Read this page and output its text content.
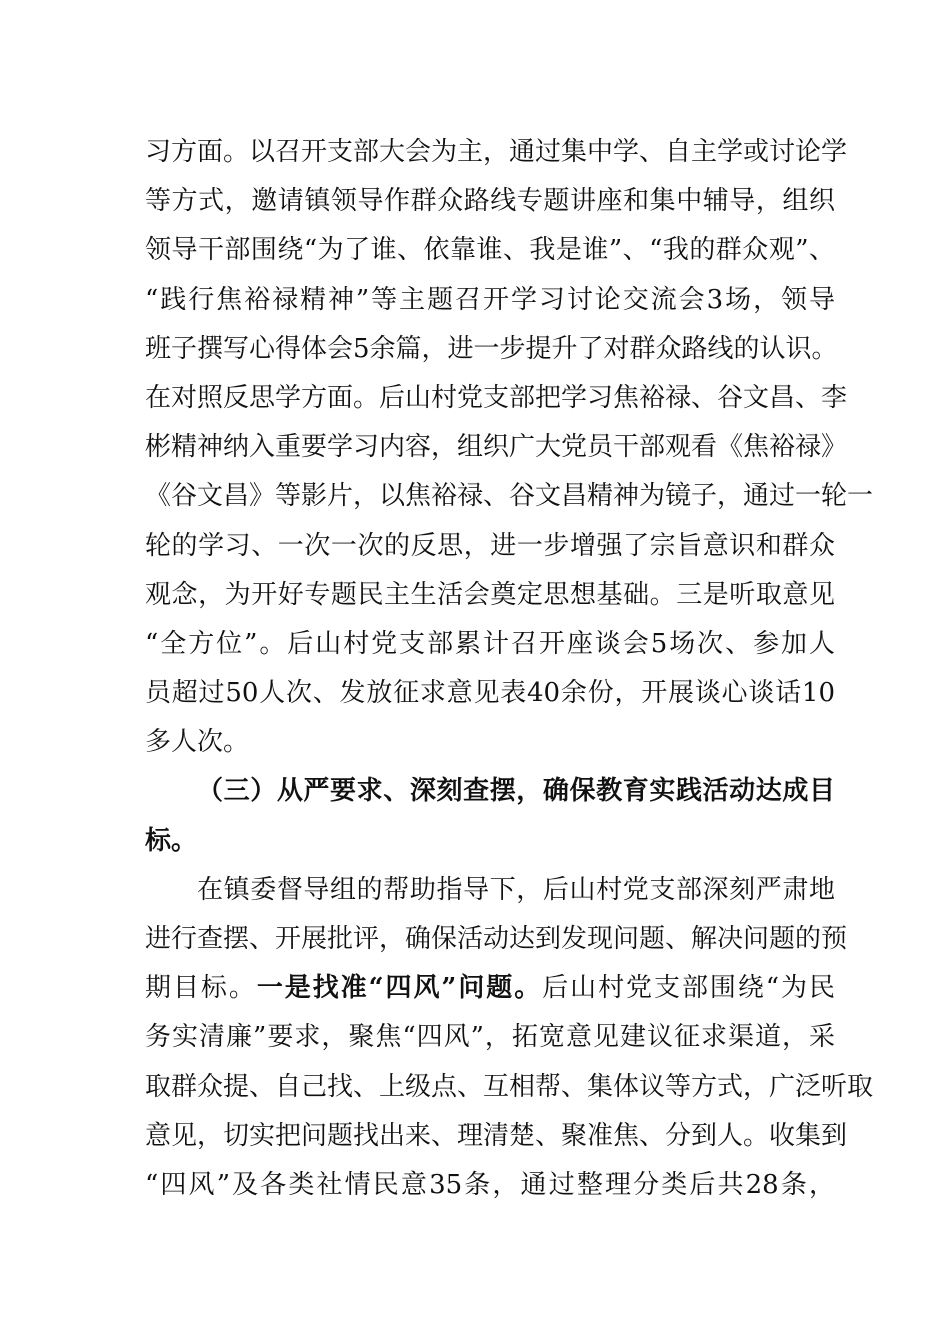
习方面。以召开支部大会为主，通过集中学、自主学或讨论学
等方式，邀请镇领导作群众路线专题讲座和集中辅导，组织
领导干部围绕“为了谁、依靠谁、我是谁”、“我的群众观”、
“践行焦裕禄精神”等主题召开学习讨论交流会3场，领导
班子撰写心得体会5余篇，进一步提升了对群众路线的认识。
在对照反思学方面。后山村党支部把学习焦裕禄、谷文昌、李
彬精神纳入重要学习内容，组织广大党员干部观看《焦裕禄》
《谷文昌》等影片，以焦裕禄、谷文昌精神为镜子，通过一轮一
轮的学习、一次一次的反思，进一步增强了宗旨意识和群众
观念，为开好专题民主生活会奠定思想基础。三是听取意见
“全方位”。后山村党支部累计召开座谈会5场次、参加人
员超过50人次、发放征求意见表40余份，开展谈心谈话10
多人次。
（三）从严要求、深刻查摆，确保教育实践活动达成目
标。
在镇委督导组的帮助指导下，后山村党支部深刻严肃地
进行查摆、开展批评，确保活动达到发现问题、解决问题的预
期目标。一是找准“四风”问题。后山村党支部围绕“为民
务实清廉”要求，聚焦“四风”，拓宽意见建议征求渠道，采
取群众提、自己找、上级点、互相帮、集体议等方式，广泛听取
意见，切实把问题找出来、理清楚、聚准焦、分到人。收集到
“四风”及各类社情民意35条，通过整理分类后共28条，
